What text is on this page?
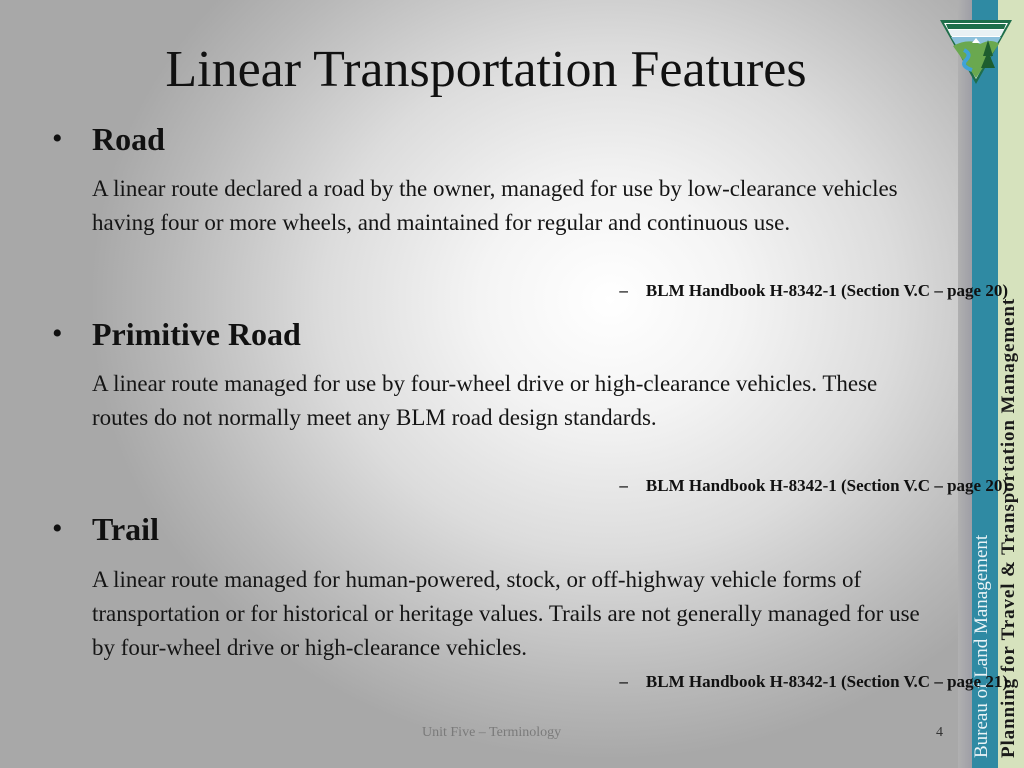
Bureau of Land Management Planning for Travel & Transportation Management
Linear Transportation Features
• Road
A linear route declared a road by the owner, managed for use by low-clearance vehicles having four or more wheels, and maintained for regular and continuous use.
– BLM Handbook H-8342-1 (Section V.C – page 20)
• Primitive Road
A linear route managed for use by four-wheel drive or high-clearance vehicles. These routes do not normally meet any BLM road design standards.
– BLM Handbook H-8342-1 (Section V.C – page 20)
• Trail
A linear route managed for human-powered, stock, or off-highway vehicle forms of transportation or for historical or heritage values. Trails are not generally managed for use by four-wheel drive or high-clearance vehicles.
– BLM Handbook H-8342-1 (Section V.C – page 21)
Unit Five – Terminology	4
